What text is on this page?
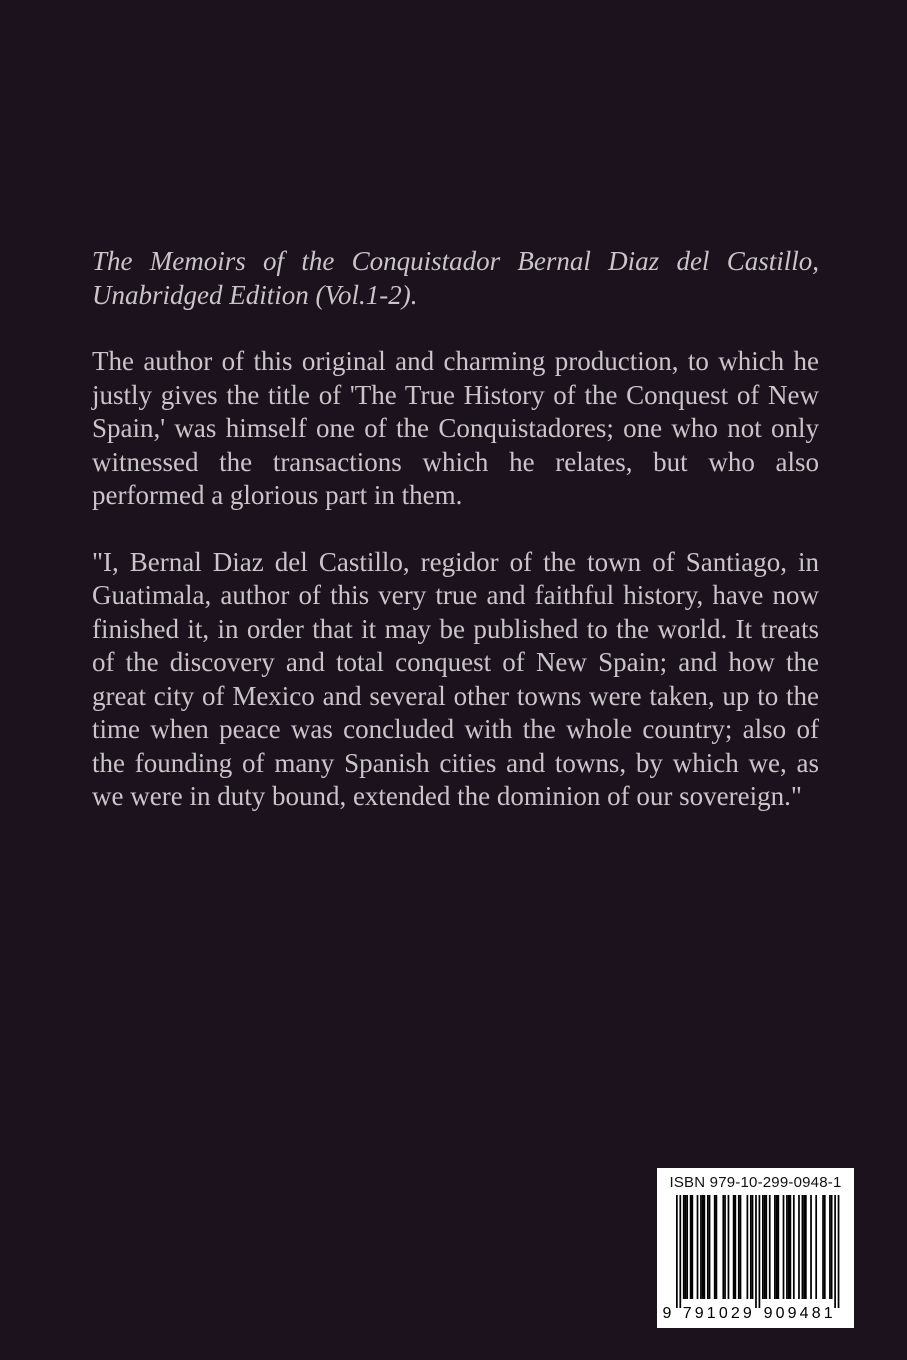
The Memoirs of the Conquistador Bernal Diaz del Castillo, Unabridged Edition (Vol.1-2).

The author of this original and charming production, to which he justly gives the title of 'The True History of the Conquest of New Spain,' was himself one of the Conquistadores; one who not only witnessed the transactions which he relates, but who also performed a glorious part in them.

"I, Bernal Diaz del Castillo, regidor of the town of Santiago, in Guatimala, author of this very true and faithful history, have now finished it, in order that it may be published to the world. It treats of the discovery and total conquest of New Spain; and how the great city of Mexico and several other towns were taken, up to the time when peace was concluded with the whole country; also of the founding of many Spanish cities and towns, by which we, as we were in duty bound, extended the dominion of our sovereign."

ISBN 979-10-299-0948-1
9 7 9 1 0 2 9 9 0 9 4 8 1
